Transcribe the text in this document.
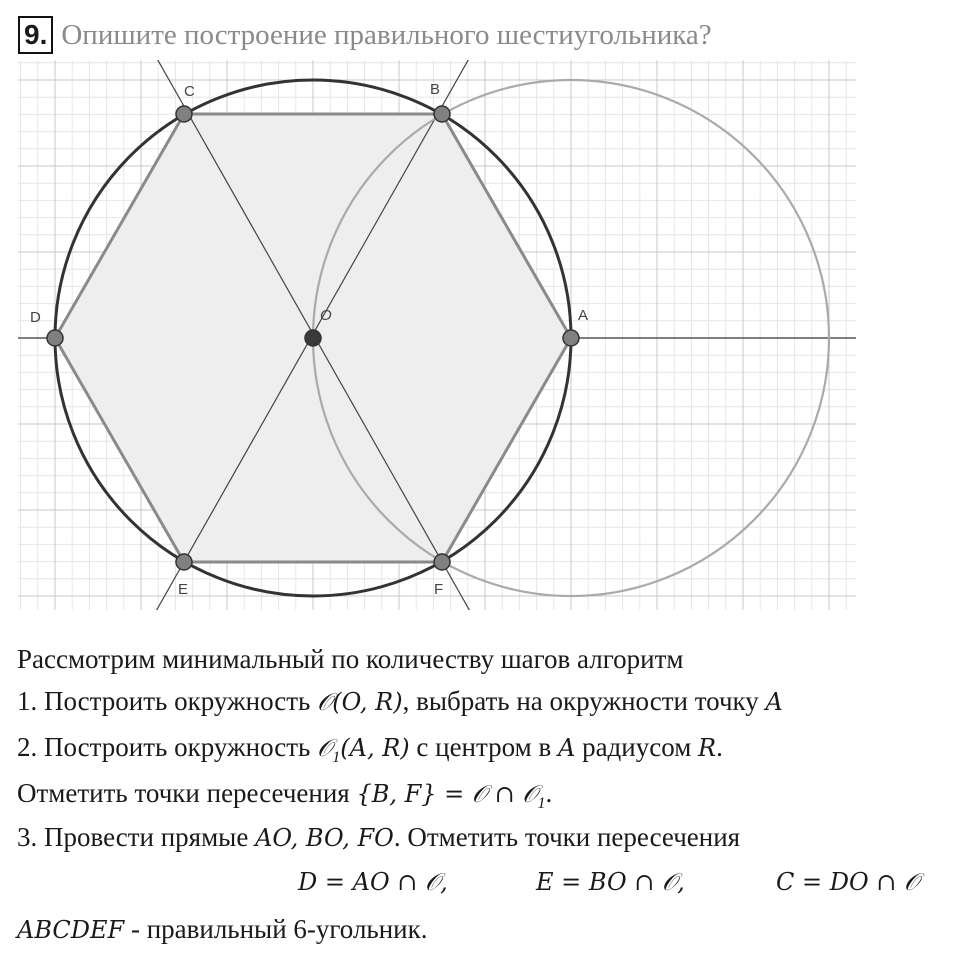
9. Опишите построение правильного шестиугольника?
A
B
C
D
E	F
O
Рассмотрим минимальный по количеству шагов алгоритм
1. Построить окружность 𝒪(O, R), выбрать на окружности точку A
2. Построить окружность 𝒪$_1$(A, R) с центром в A радиусом R.
Отметить точки пересечения {B, F} = 𝒪 ∩ 𝒪$_1$.
3. Провести прямые AO, BO, FO. Отметить точки пересечения
D = AO ∩ 𝒪,	E = BO ∩ 𝒪,	C = DO ∩ 𝒪
ABCDEF - правильный 6-угольник.
